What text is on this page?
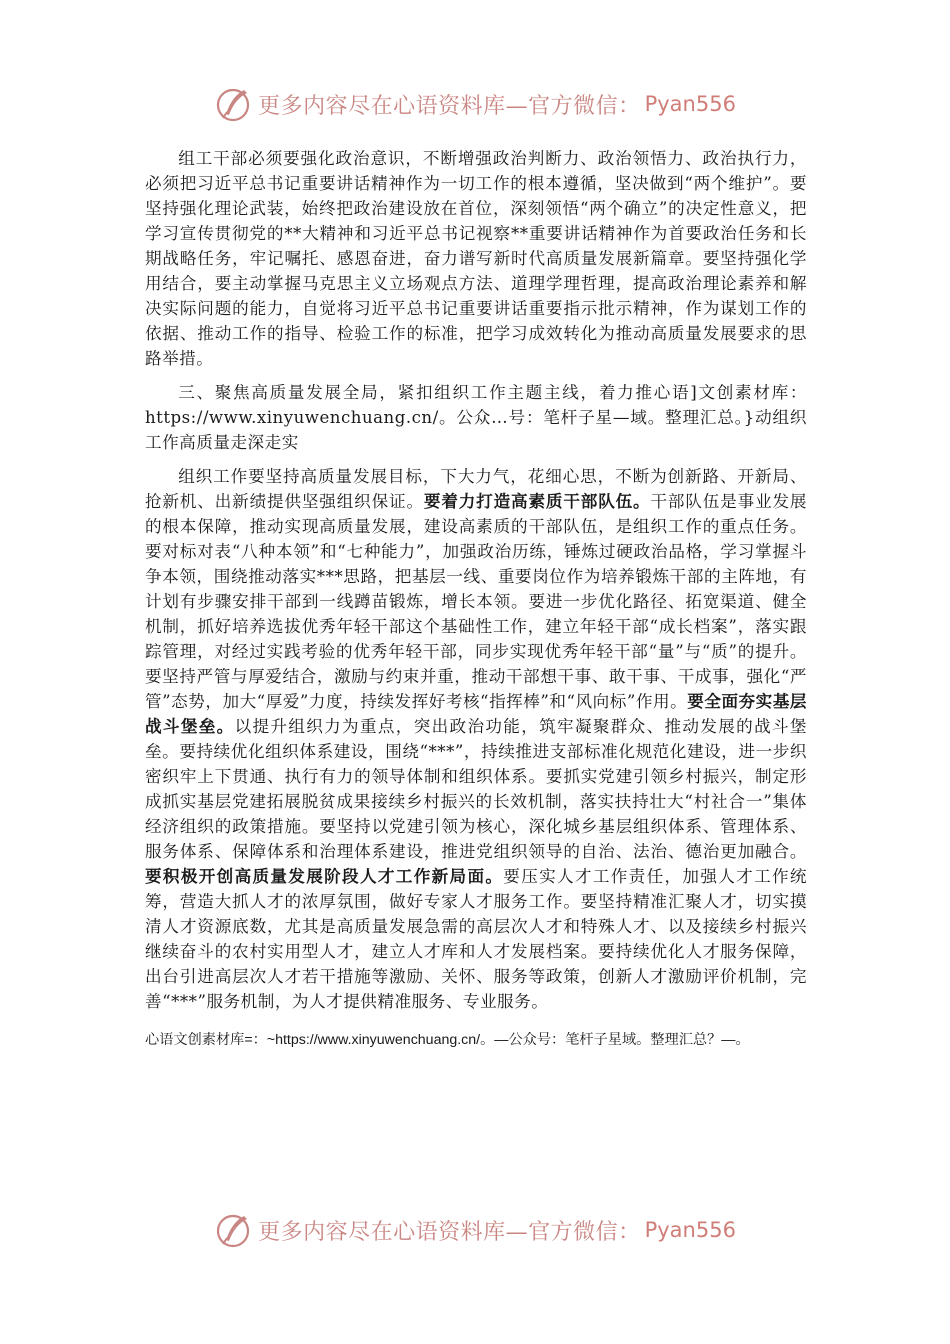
更多内容尽在心语资料库—官方微信： Pyan556

组工干部必须要强化政治意识，不断增强政治判断力、政治领悟力、政治执行力，必须把习近平总书记重要讲话精神作为一切工作的根本遵循，坚决做到“两个维护”。要坚持强化理论武装，始终把政治建设放在首位，深刻领悟“两个确立”的决定性意义，把学习宣传贯彻党的**大精神和习近平总书记视察**重要讲话精神作为首要政治任务和长期战略任务，牢记嘱托、感恩奋进，奋力谱写新时代高质量发展新篇章。要坚持强化学用结合，要主动掌握马克思主义立场观点方法、道理学理哲理，提高政治理论素养和解决实际问题的能力，自觉将习近平总书记重要讲话重要指示批示精神，作为谋划工作的依据、推动工作的指导、检验工作的标准，把学习成效转化为推动高质量发展要求的思路举措。

三、聚焦高质量发展全局，紧扣组织工作主题主线，着力推心语]文创素材库：https://www.xinyuwenchuang.cn/。公众…号：笔杆子星—域。整理汇总。}动组织工作高质量走深走实

组织工作要坚持高质量发展目标，下大力气，花细心思，不断为创新路、开新局、抢新机、出新绩提供坚强组织保证。要着力打造高素质干部队伍。干部队伍是事业发展的根本保障，推动实现高质量发展，建设高素质的干部队伍，是组织工作的重点任务。要对标对表“八种本领”和“七种能力”，加强政治历练，锤炼过硬政治品格，学习掌握斗争本领，围绕推动落实***思路，把基层一线、重要岗位作为培养锻炼干部的主阵地，有计划有步骤安排干部到一线蹲苗锻炼，增长本领。要进一步优化路径、拓宽渠道、健全机制，抓好培养选拔优秀年轻干部这个基础性工作，建立年轻干部“成长档案”，落实跟踪管理，对经过实践考验的优秀年轻干部，同步实现优秀年轻干部“量”与“质”的提升。要坚持严管与厚爱结合，激励与约束并重，推动干部想干事、敢干事、干成事，强化“严管”态势，加大“厚爱”力度，持续发挥好考核“指挥棒”和“风向标”作用。要全面夯实基层战斗堡垒。以提升组织力为重点，突出政治功能，筑牢凝聚群众、推动发展的战斗堡垒。要持续优化组织体系建设，围绕“***”，持续推进支部标准化规范化建设，进一步织密织牢上下贯通、执行有力的领导体制和组织体系。要抓实党建引领乡村振兴，制定形成抓实基层党建拓展脱贫成果接续乡村振兴的长效机制，落实扶持壮大“村社合一”集体经济组织的政策措施。要坚持以党建引领为核心，深化城乡基层组织体系、管理体系、服务体系、保障体系和治理体系建设，推进党组织领导的自治、法治、德治更加融合。要积极开创高质量发展阶段人才工作新局面。要压实人才工作责任，加强人才工作统筹，营造大抓人才的浓厚氛围，做好专家人才服务工作。要坚持精准汇聚人才，切实摸清人才资源底数，尤其是高质量发展急需的高层次人才和特殊人才、以及接续乡村振兴继续奋斗的农村实用型人才，建立人才库和人才发展档案。要持续优化人才服务保障，出台引进高层次人才若干措施等激励、关怀、服务等政策，创新人才激励评价机制，完善“***”服务机制，为人才提供精准服务、专业服务。

心语文创素材库=：~https://www.xinyuwenchuang.cn/。—公众号：笔杆子星域。整理汇总？—。

更多内容尽在心语资料库—官方微信： Pyan556
